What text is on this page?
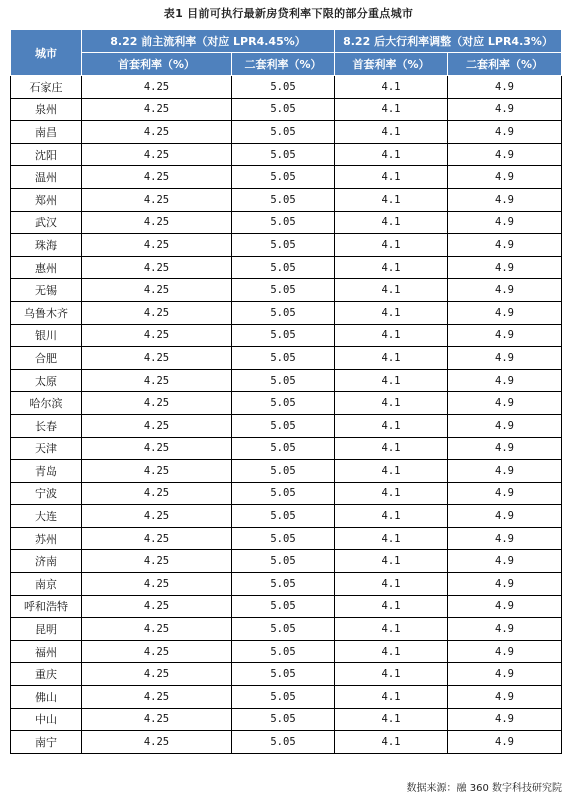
表1 目前可执行最新房贷利率下限的部分重点城市
城市	8.22 前主流利率（对应 LPR4.45%）		8.22 后大行利率调整（对应 LPR4.3%）	
	首套利率（%）	二套利率（%）	首套利率（%）	二套利率（%）
石家庄	4.25	5.05	4.1	4.9
泉州	4.25	5.05	4.1	4.9
南昌	4.25	5.05	4.1	4.9
沈阳	4.25	5.05	4.1	4.9
温州	4.25	5.05	4.1	4.9
郑州	4.25	5.05	4.1	4.9
武汉	4.25	5.05	4.1	4.9
珠海	4.25	5.05	4.1	4.9
惠州	4.25	5.05	4.1	4.9
无锡	4.25	5.05	4.1	4.9
乌鲁木齐	4.25	5.05	4.1	4.9
银川	4.25	5.05	4.1	4.9
合肥	4.25	5.05	4.1	4.9
太原	4.25	5.05	4.1	4.9
哈尔滨	4.25	5.05	4.1	4.9
长春	4.25	5.05	4.1	4.9
天津	4.25	5.05	4.1	4.9
青岛	4.25	5.05	4.1	4.9
宁波	4.25	5.05	4.1	4.9
大连	4.25	5.05	4.1	4.9
苏州	4.25	5.05	4.1	4.9
济南	4.25	5.05	4.1	4.9
南京	4.25	5.05	4.1	4.9
呼和浩特	4.25	5.05	4.1	4.9
昆明	4.25	5.05	4.1	4.9
福州	4.25	5.05	4.1	4.9
重庆	4.25	5.05	4.1	4.9
佛山	4.25	5.05	4.1	4.9
中山	4.25	5.05	4.1	4.9
南宁	4.25	5.05	4.1	4.9
数据来源：融 360 数字科技研究院
